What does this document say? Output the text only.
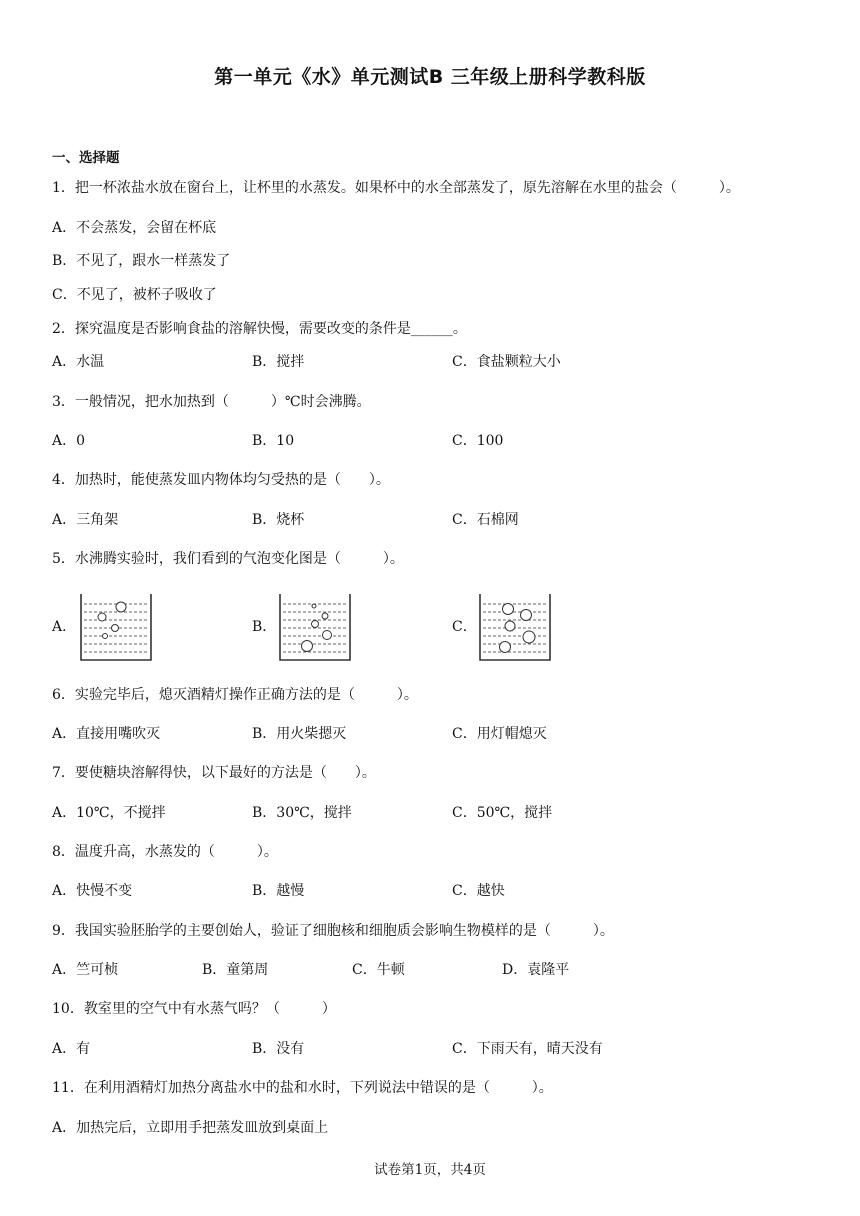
第一单元《水》单元测试B 三年级上册科学教科版
一、选择题
1．把一杯浓盐水放在窗台上，让杯里的水蒸发。如果杯中的水全部蒸发了，原先溶解在水里的盐会（　　　）。
A．不会蒸发，会留在杯底
B．不见了，跟水一样蒸发了
C．不见了，被杯子吸收了
2．探究温度是否影响食盐的溶解快慢，需要改变的条件是______。
A．水温	B．搅拌	C．食盐颗粒大小
3．一般情况，把水加热到（　　　）℃时会沸腾。
A．0	B．10	C．100
4．加热时，能使蒸发皿内物体均匀受热的是（　　）。
A．三角架	B．烧杯	C．石棉网
5．水沸腾实验时，我们看到的气泡变化图是（　　　）。
A．	B．	C．
6．实验完毕后，熄灭酒精灯操作正确方法的是（　　　）。
A．直接用嘴吹灭	B．用火柴摁灭	C．用灯帽熄灭
7．要使糖块溶解得快，以下最好的方法是（　　）。
A．10℃，不搅拌	B．30℃，搅拌	C．50℃，搅拌
8．温度升高，水蒸发的（　　　）。
A．快慢不变	B．越慢	C．越快
9．我国实验胚胎学的主要创始人，验证了细胞核和细胞质会影响生物模样的是（　　　）。
A．竺可桢	B．童第周	C．牛顿	D．袁隆平
10．教室里的空气中有水蒸气吗？（　　　）
A．有	B．没有	C．下雨天有，晴天没有
11．在利用酒精灯加热分离盐水中的盐和水时，下列说法中错误的是（　　　）。
A．加热完后，立即用手把蒸发皿放到桌面上
试卷第1页，共4页
